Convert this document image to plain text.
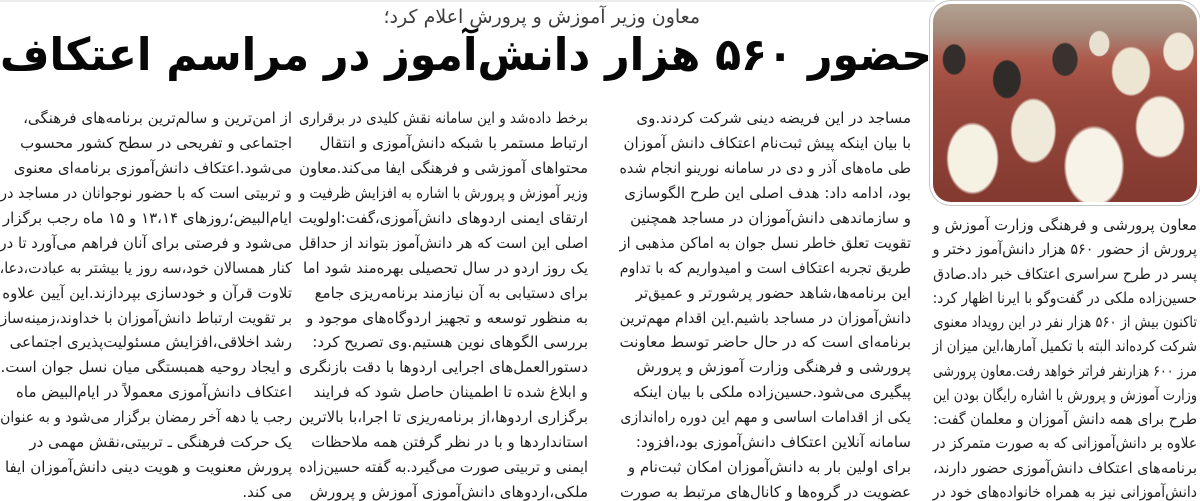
معاون وزیر آموزش و پرورش اعلام کرد؛
حضور ۵۶۰ هزار دانش‌آموز در مراسم اعتکاف
معاون پرورشی و فرهنگی وزارت آموزش و
پرورش از حضور ۵۶۰ هزار دانش‌آموز دختر و
پسر در طرح سراسری اعتکاف خبر داد.صادق
حسین‌زاده ملکی در گفت‌وگو با ایرنا اظهار کرد:
تاکنون بیش از ۵۶۰ هزار نفر در این رویداد معنوی
شرکت کرده‌اند البته با تکمیل آمارها،این میزان از
مرز ۶۰۰ هزارنفر فراتر خواهد رفت.معاون پرورشی
وزارت آموزش و پرورش با اشاره رایگان بودن این
طرح برای همه دانش آموزان و معلمان گفت:
علاوه بر دانش‌آموزانی که به صورت متمرکز در
برنامه‌های اعتکاف دانش‌آموزی حضور دارند،
دانش‌آموزانی نیز به همراه خانواده‌های خود در
مساجد در این فریضه دینی شرکت کردند.وی
با بیان اینکه پیش ثبت‌نام اعتکاف دانش آموزان
طی ماه‌های آذر و دی در سامانه نورینو انجام شده
بود، ادامه داد: هدف اصلی این طرح الگوسازی
و سازماندهی دانش‌آموزان در مساجد همچنین
تقویت تعلق خاطر نسل جوان به اماکن مذهبی از
طریق تجربه اعتکاف است و امیدواریم که با تداوم
این برنامه‌ها،شاهد حضور پرشورتر و عمیق‌تر
دانش‌آموزان در مساجد باشیم.این اقدام مهم‌ترین
برنامه‌ای است که در حال حاضر توسط معاونت
پرورشی و فرهنگی وزارت آموزش و پرورش
پیگیری می‌شود.حسین‌زاده ملکی با بیان اینکه
یکی از اقدامات اساسی و مهم این دوره راه‌اندازی
سامانه آنلاین اعتکاف دانش‌آموزی بود،افزود:
برای اولین بار به دانش‌آموزان امکان ثبت‌نام و
عضویت در گروه‌ها و کانال‌های مرتبط به صورت
برخط داده‌شد و این سامانه نقش کلیدی در برقراری
ارتباط مستمر با شبکه دانش‌آموزی و انتقال
محتواهای آموزشی و فرهنگی ایفا می‌کند.معاون
وزیر آموزش و پرورش با اشاره به افزایش ظرفیت و
ارتقای ایمنی اردوهای دانش‌آموزی،گفت:اولویت
اصلی این است که هر دانش‌آموز بتواند از حداقل
یک روز اردو در سال تحصیلی بهره‌مند شود اما
برای دستیابی به آن نیازمند برنامه‌ریزی جامع
به منظور توسعه و تجهیز اردوگاه‌های موجود و
بررسی الگوهای نوین هستیم.وی تصریح کرد:
دستورالعمل‌های اجرایی اردوها با دقت بازنگری
و ابلاغ شده تا اطمینان حاصل شود که فرایند
برگزاری اردوها،از برنامه‌ریزی تا اجرا،با بالاترین
استانداردها و با در نظر گرفتن همه ملاحظات
ایمنی و تربیتی صورت می‌گیرد.به گفته حسین‌زاده
ملکی،اردوهای دانش‌آموزی آموزش و پرورش
از امن‌ترین و سالم‌ترین برنامه‌های فرهنگی،
اجتماعی و تفریحی در سطح کشور محسوب
می‌شود.اعتکاف دانش‌آموزی برنامه‌ای معنوی
و تربیتی است که با حضور نوجوانان در مساجد در
ایام‌البیض؛روزهای ۱۳،۱۴ و ۱۵ ماه رجب برگزار
می‌شود و فرصتی برای آنان فراهم می‌آورد تا در
کنار همسالان خود،سه روز یا بیشتر به عبادت،دعا،
تلاوت قرآن و خودسازی بپردازند.این آیین علاوه
بر تقویت ارتباط دانش‌آموزان با خداوند،زمینه‌ساز
رشد اخلاقی،افزایش مسئولیت‌پذیری اجتماعی
و ایجاد روحیه همبستگی میان نسل جوان است.
اعتکاف دانش‌آموزی معمولاً در ایام‌البیض ماه
رجب یا دهه آخر رمضان برگزار می‌شود و به عنوان
یک حرکت فرهنگی ـ تربیتی،نقش مهمی در
پرورش معنویت و هویت دینی دانش‌آموزان ایفا
می کند.
